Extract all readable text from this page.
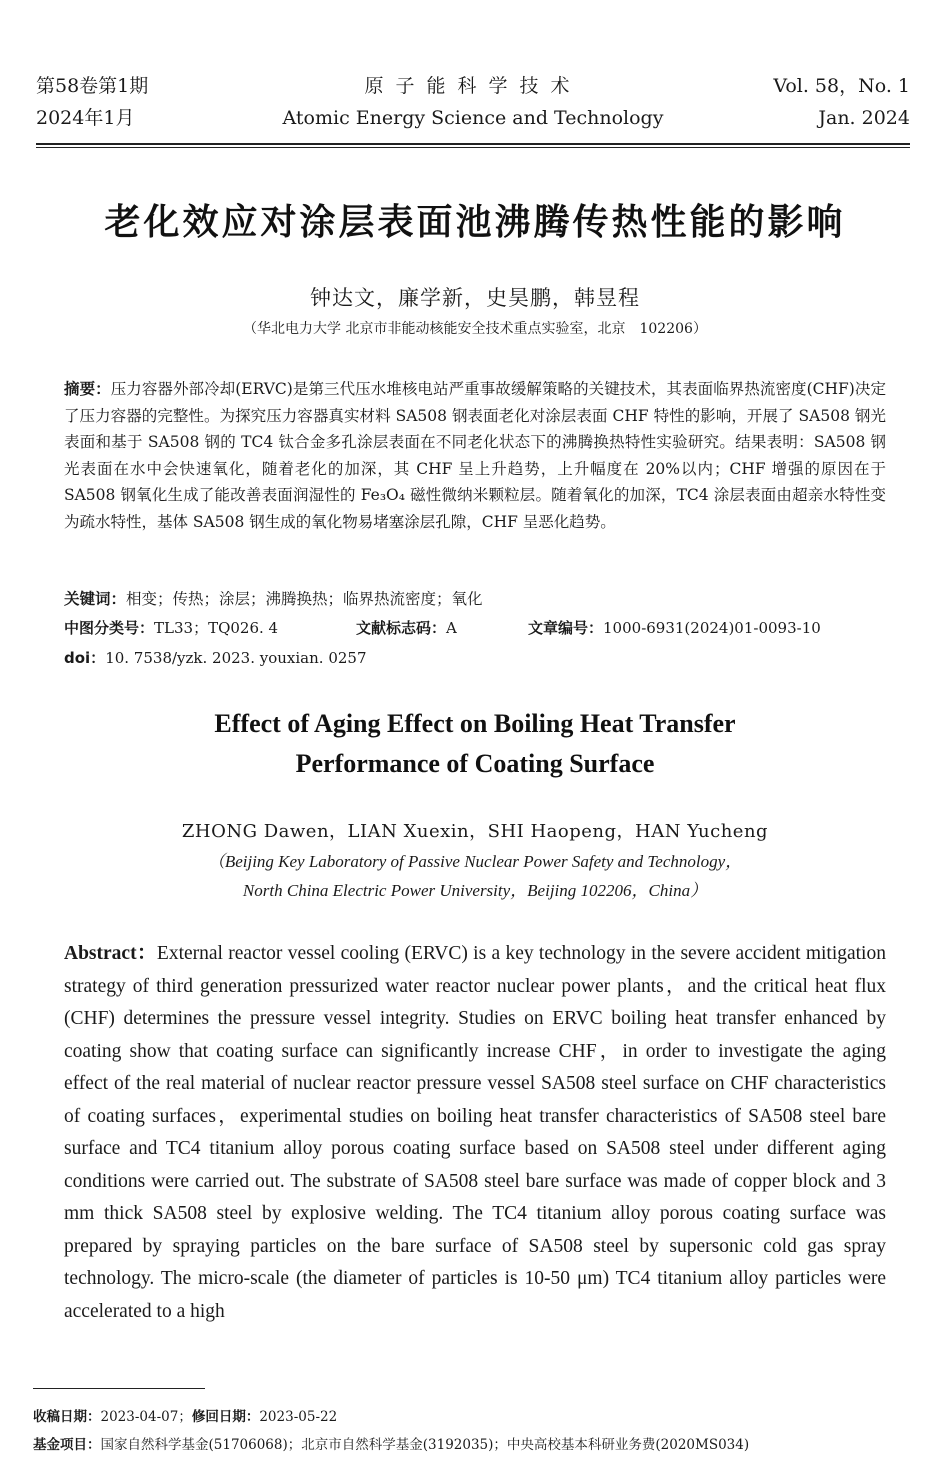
第58卷第1期
2024年1月
原子能科学技术
Atomic Energy Science and Technology
Vol. 58，No. 1
Jan. 2024
老化效应对涂层表面池沸腾传热性能的影响
钟达文，廉学新，史昊鹏，韩昱程
（华北电力大学 北京市非能动核能安全技术重点实验室，北京　102206）
摘要：压力容器外部冷却(ERVC)是第三代压水堆核电站严重事故缓解策略的关键技术，其表面临界热流密度(CHF)决定了压力容器的完整性。为探究压力容器真实材料 SA508 钢表面老化对涂层表面 CHF 特性的影响，开展了 SA508 钢光表面和基于 SA508 钢的 TC4 钛合金多孔涂层表面在不同老化状态下的沸腾换热特性实验研究。结果表明：SA508 钢光表面在水中会快速氧化，随着老化的加深，其 CHF 呈上升趋势，上升幅度在 20%以内；CHF 增强的原因在于 SA508 钢氧化生成了能改善表面润湿性的 Fe₃O₄ 磁性微纳米颗粒层。随着氧化的加深，TC4 涂层表面由超亲水特性变为疏水特性，基体 SA508 钢生成的氧化物易堵塞涂层孔隙，CHF 呈恶化趋势。
关键词：相变；传热；涂层；沸腾换热；临界热流密度；氧化
中图分类号：TL33；TQ026. 4	文献标志码：A	文章编号：1000-6931(2024)01-0093-10
doi：10. 7538/yzk. 2023. youxian. 0257
Effect of Aging Effect on Boiling Heat Transfer
Performance of Coating Surface
ZHONG Dawen，LIAN Xuexin，SHI Haopeng，HAN Yucheng
（Beijing Key Laboratory of Passive Nuclear Power Safety and Technology，
North China Electric Power University，Beijing 102206，China）
Abstract：External reactor vessel cooling (ERVC) is a key technology in the severe accident mitigation strategy of third generation pressurized water reactor nuclear power plants，and the critical heat flux (CHF) determines the pressure vessel integrity. Studies on ERVC boiling heat transfer enhanced by coating show that coating surface can significantly increase CHF，in order to investigate the aging effect of the real material of nuclear reactor pressure vessel SA508 steel surface on CHF characteristics of coating surfaces，experimental studies on boiling heat transfer characteristics of SA508 steel bare surface and TC4 titanium alloy porous coating surface based on SA508 steel under different aging conditions were carried out. The substrate of SA508 steel bare surface was made of copper block and 3 mm thick SA508 steel by explosive welding. The TC4 titanium alloy porous coating surface was prepared by spraying particles on the bare surface of SA508 steel by supersonic cold gas spray technology. The micro-scale (the diameter of particles is 10-50 μm) TC4 titanium alloy particles were accelerated to a high
收稿日期：2023-04-07；修回日期：2023-05-22
基金项目：国家自然科学基金(51706068)；北京市自然科学基金(3192035)；中央高校基本科研业务费(2020MS034)
